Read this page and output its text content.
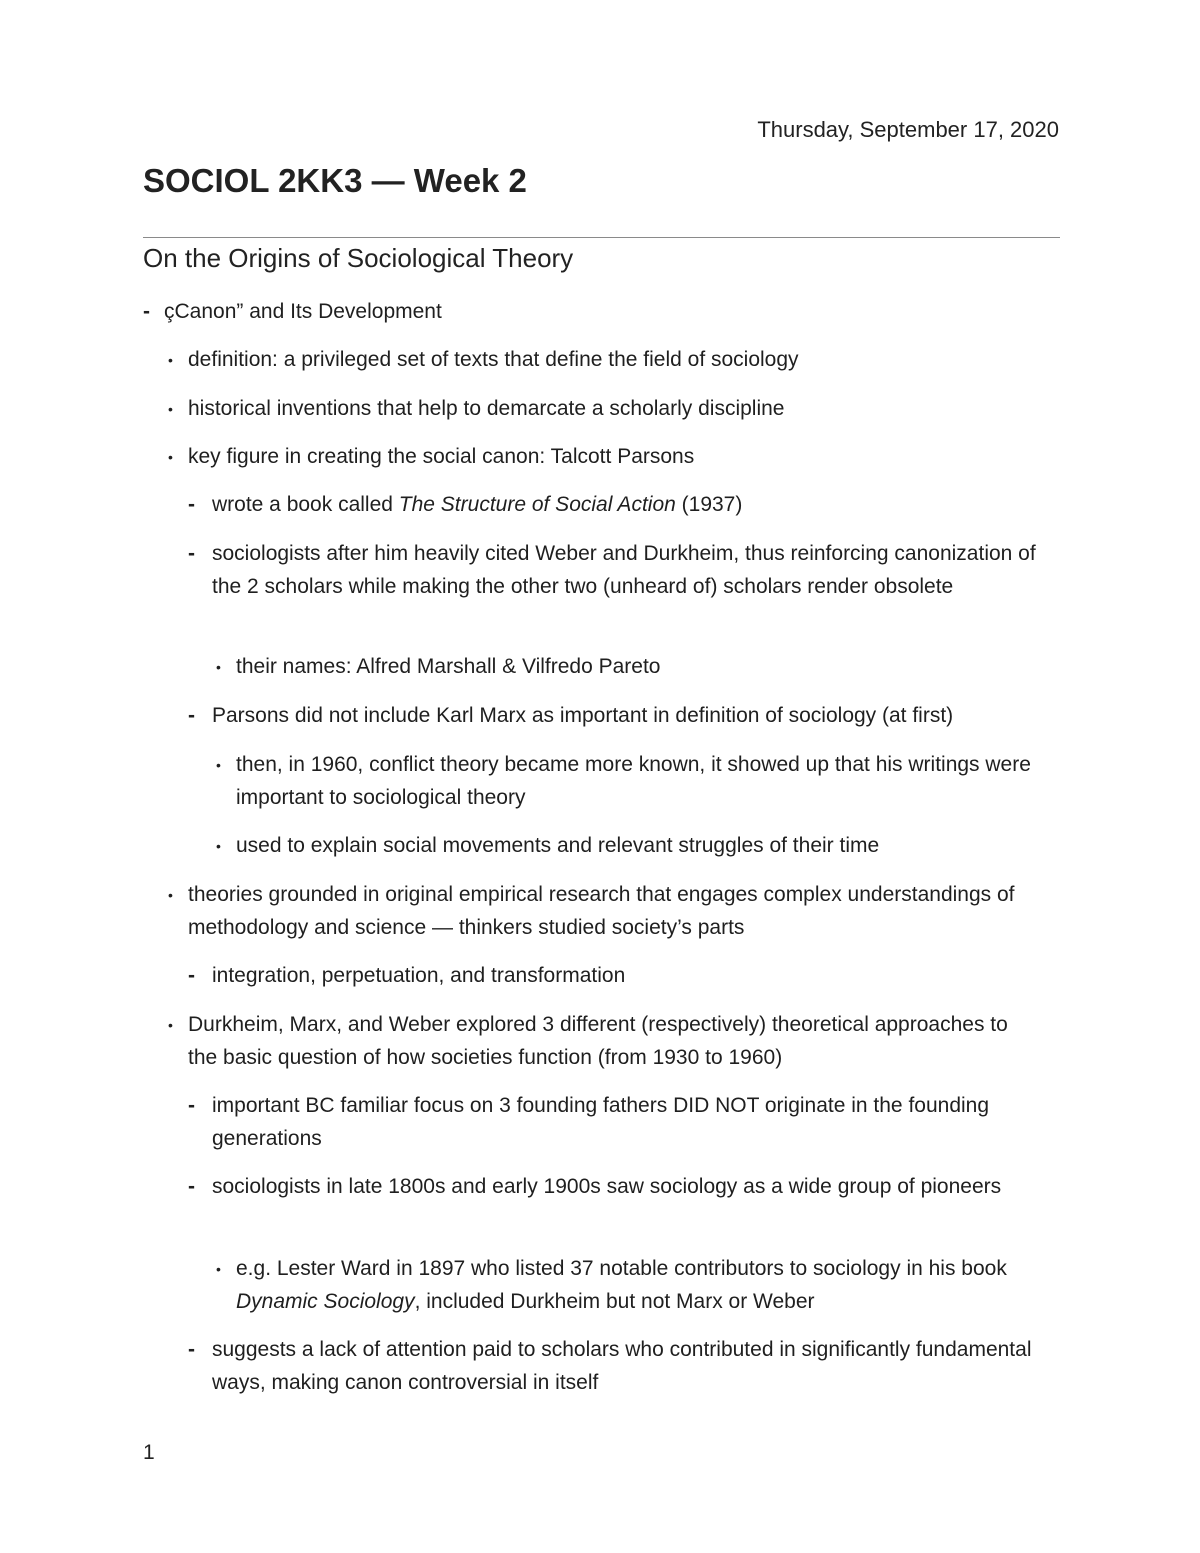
Thursday, September 17, 2020
SOCIOL 2KK3 — Week 2
On the Origins of Sociological Theory
- çCanon” and Its Development
• definition: a privileged set of texts that define the field of sociology
• historical inventions that help to demarcate a scholarly discipline
• key figure in creating the social canon: Talcott Parsons
- wrote a book called The Structure of Social Action (1937)
- sociologists after him heavily cited Weber and Durkheim, thus reinforcing canonization of the 2 scholars while making the other two (unheard of) scholars render obsolete
• their names: Alfred Marshall & Vilfredo Pareto
- Parsons did not include Karl Marx as important in definition of sociology (at first)
• then, in 1960, conflict theory became more known, it showed up that his writings were important to sociological theory
• used to explain social movements and relevant struggles of their time
• theories grounded in original empirical research that engages complex understandings of methodology and science — thinkers studied society’s parts
- integration, perpetuation, and transformation
• Durkheim, Marx, and Weber explored 3 different (respectively) theoretical approaches to the basic question of how societies function (from 1930 to 1960)
- important BC familiar focus on 3 founding fathers DID NOT originate in the founding generations
- sociologists in late 1800s and early 1900s saw sociology as a wide group of pioneers
• e.g. Lester Ward in 1897 who listed 37 notable contributors to sociology in his book Dynamic Sociology, included Durkheim but not Marx or Weber
- suggests a lack of attention paid to scholars who contributed in significantly fundamental ways, making canon controversial in itself
1
